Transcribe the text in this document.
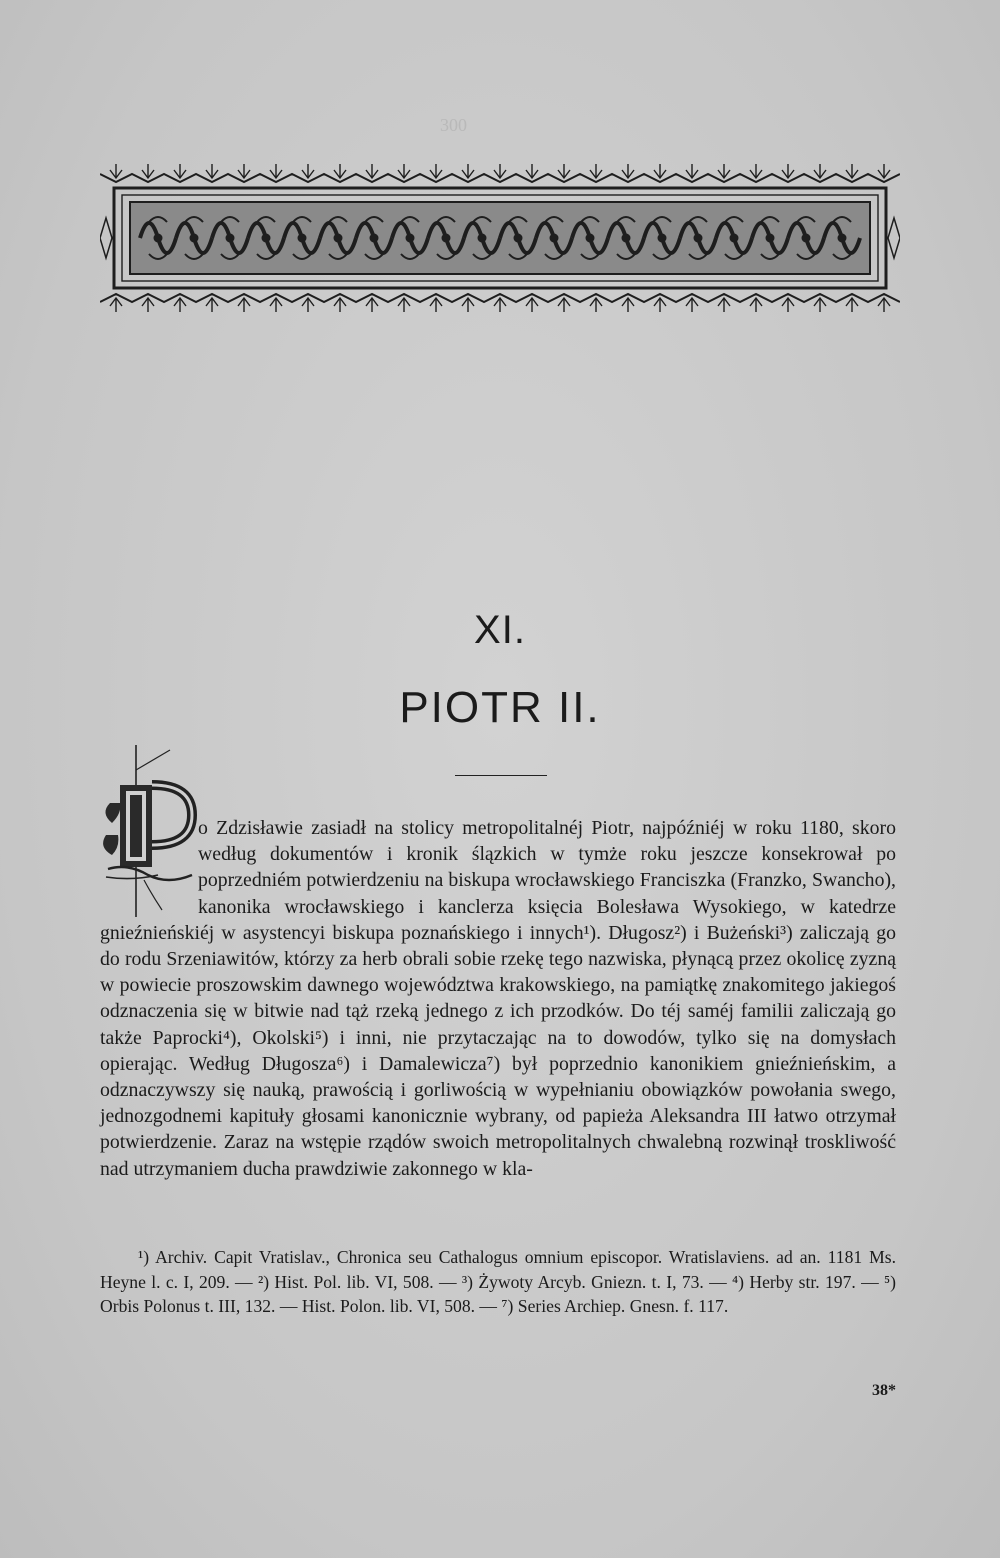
300
XI.
PIOTR II.
o Zdzisławie zasiadł na stolicy metropolitalnéj Piotr, najpóźniéj w roku 1180, skoro według dokumentów i kronik ślązkich w tymże roku jeszcze konsekrował po poprzedniém potwierdzeniu na biskupa wrocławskiego Franciszka (Franzko, Swancho), kanonika wrocławskiego i kanclerza księcia Bolesława Wysokiego, w katedrze gnieźnieńskiéj w asystencyi biskupa poznańskiego i innych¹). Długosz²) i Bużeński³) zaliczają go do rodu Srzeniawitów, którzy za herb obrali sobie rzekę tego nazwiska, płynącą przez okolicę zyzną w powiecie proszowskim dawnego województwa krakowskiego, na pamiątkę znakomitego jakiegoś odznaczenia się w bitwie nad tąż rzeką jednego z ich przodków. Do téj saméj familii zaliczają go także Paprocki⁴), Okolski⁵) i inni, nie przytaczając na to dowodów, tylko się na domysłach opierając. Według Długosza⁶) i Damalewicza⁷) był poprzednio kanonikiem gnieźnieńskim, a odznaczywszy się nauką, prawością i gorliwością w wypełnianiu obowiązków powołania swego, jednozgodnemi kapituły głosami kanonicznie wybrany, od papieża Aleksandra III łatwo otrzymał potwierdzenie. Zaraz na wstępie rządów swoich metropolitalnych chwalebną rozwinął troskliwość nad utrzymaniem ducha prawdziwie zakonnego w kla-
¹) Archiv. Capit Vratislav., Chronica seu Cathalogus omnium episcopor. Wratislaviens. ad an. 1181 Ms. Heyne l. c. I, 209. — ²) Hist. Pol. lib. VI, 508. — ³) Żywoty Arcyb. Gniezn. t. I, 73. — ⁴) Herby str. 197. — ⁵) Orbis Polonus t. III, 132. — Hist. Polon. lib. VI, 508. — ⁷) Series Archiep. Gnesn. f. 117.
38*
